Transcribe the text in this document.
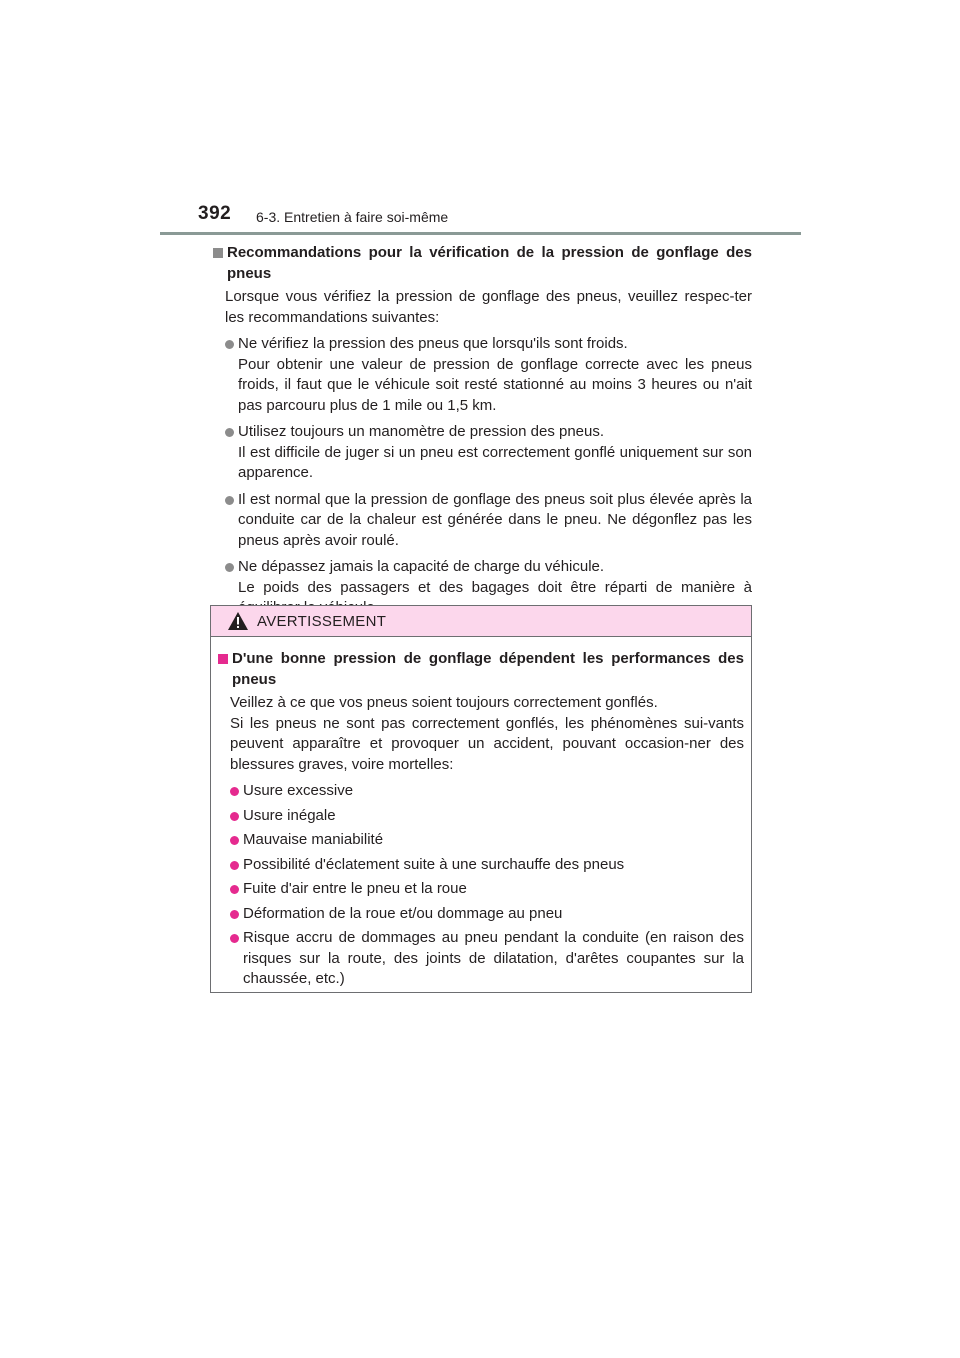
392 6-3. Entretien à faire soi-même
Recommandations pour la vérification de la pression de gonflage des pneus
Lorsque vous vérifiez la pression de gonflage des pneus, veuillez respec-ter les recommandations suivantes:
Ne vérifiez la pression des pneus que lorsqu'ils sont froids.
Pour obtenir une valeur de pression de gonflage correcte avec les pneus froids, il faut que le véhicule soit resté stationné au moins 3 heures ou n'ait pas parcouru plus de 1 mile ou 1,5 km.
Utilisez toujours un manomètre de pression des pneus.
Il est difficile de juger si un pneu est correctement gonflé uniquement sur son apparence.
Il est normal que la pression de gonflage des pneus soit plus élevée après la conduite car de la chaleur est générée dans le pneu. Ne dégonflez pas les pneus après avoir roulé.
Ne dépassez jamais la capacité de charge du véhicule.
Le poids des passagers et des bagages doit être réparti de manière à
AVERTISSEMENT
D'une bonne pression de gonflage dépendent les performances des pneus
Veillez à ce que vos pneus soient toujours correctement gonflés.
Si les pneus ne sont pas correctement gonflés, les phénomènes sui-vants peuvent apparaître et provoquer un accident, pouvant occasion-ner des blessures graves, voire mortelles:
Usure excessive
Usure inégale
Mauvaise maniabilité
Possibilité d'éclatement suite à une surchauffe des pneus
Fuite d'air entre le pneu et la roue
Déformation de la roue et/ou dommage au pneu
Risque accru de dommages au pneu pendant la conduite (en raison des risques sur la route, des joints de dilatation, d'arêtes coupantes sur la chaussée, etc.)
